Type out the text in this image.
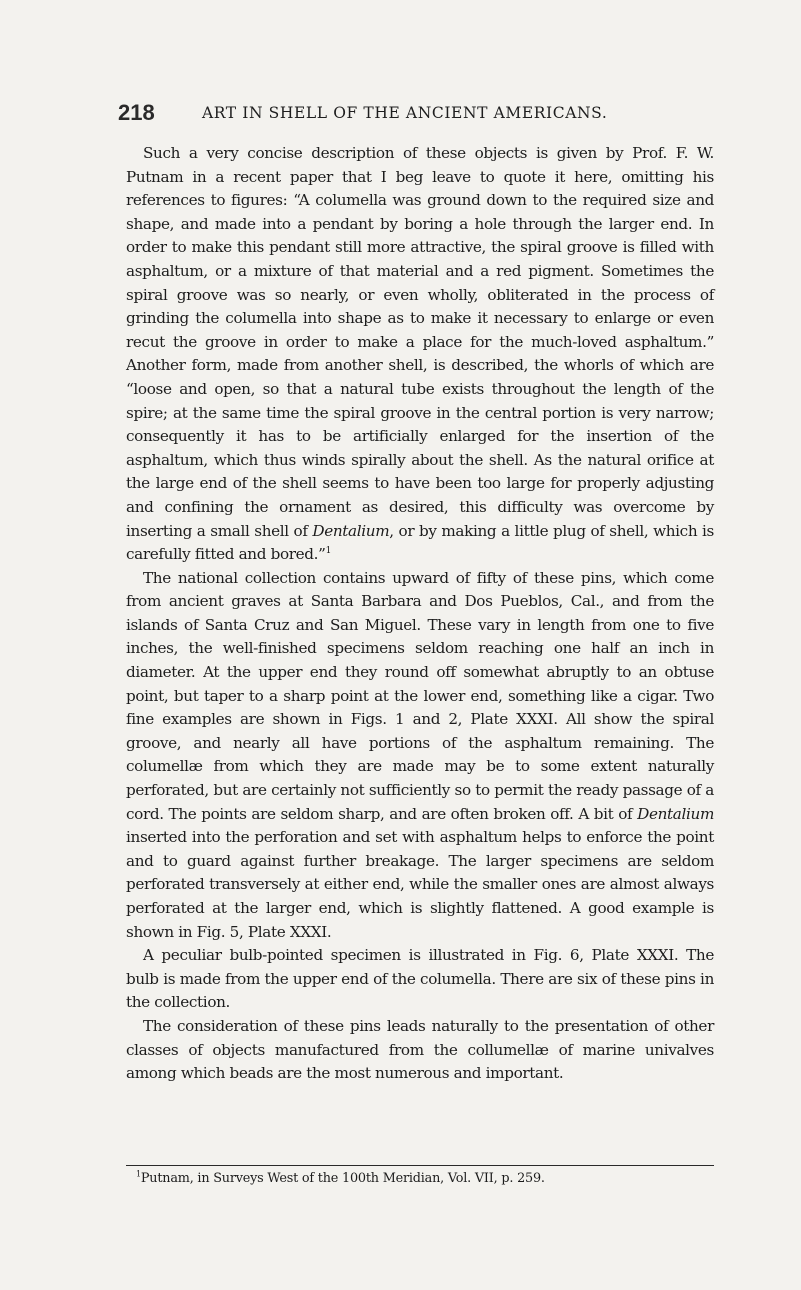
218	ART IN SHELL OF THE ANCIENT AMERICANS.

Such a very concise description of these objects is given by Prof. F. W. Putnam in a recent paper that I beg leave to quote it here, omitting his references to figures: “A columella was ground down to the required size and shape, and made into a pendant by boring a hole through the larger end. In order to make this pendant still more attractive, the spiral groove is filled with asphaltum, or a mixture of that material and a red pigment. Sometimes the spiral groove was so nearly, or even wholly, obliterated in the process of grinding the columella into shape as to make it necessary to enlarge or even recut the groove in order to make a place for the much-loved asphaltum.” Another form, made from another shell, is described, the whorls of which are “loose and open, so that a natural tube exists throughout the length of the spire; at the same time the spiral groove in the central portion is very narrow; consequently it has to be artificially enlarged for the insertion of the asphaltum, which thus winds spirally about the shell. As the natural orifice at the large end of the shell seems to have been too large for properly adjusting and confining the ornament as desired, this difficulty was overcome by inserting a small shell of Dentalium, or by making a little plug of shell, which is carefully fitted and bored.”$^1$

The national collection contains upward of fifty of these pins, which come from ancient graves at Santa Barbara and Dos Pueblos, Cal., and from the islands of Santa Cruz and San Miguel. These vary in length from one to five inches, the well-finished specimens seldom reaching one half an inch in diameter. At the upper end they round off somewhat abruptly to an obtuse point, but taper to a sharp point at the lower end, something like a cigar. Two fine examples are shown in Figs. 1 and 2, Plate XXXI. All show the spiral groove, and nearly all have portions of the asphaltum remaining. The columellæ from which they are made may be to some extent naturally perforated, but are certainly not sufficiently so to permit the ready passage of a cord. The points are seldom sharp, and are often broken off. A bit of Dentalium inserted into the perforation and set with asphaltum helps to enforce the point and to guard against further breakage. The larger specimens are seldom perforated transversely at either end, while the smaller ones are almost always perforated at the larger end, which is slightly flattened. A good example is shown in Fig. 5, Plate XXXI.

A peculiar bulb-pointed specimen is illustrated in Fig. 6, Plate XXXI. The bulb is made from the upper end of the columella. There are six of these pins in the collection.

The consideration of these pins leads naturally to the presentation of other classes of objects manufactured from the collumellæ of marine univalves among which beads are the most numerous and important.

$^1$Putnam, in Surveys West of the 100th Meridian, Vol. VII, p. 259.
